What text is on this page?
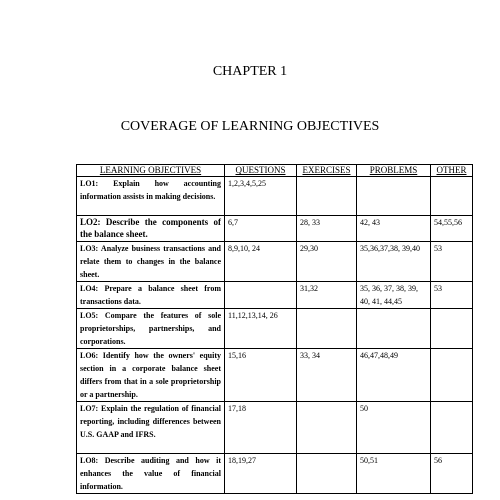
CHAPTER 1
COVERAGE OF LEARNING OBJECTIVES
LEARNING OBJECTIVES	QUESTIONS	EXERCISES	PROBLEMS	OTHER
LO1: Explain how accounting information assists in making decisions.	1,2,3,4,5,25			
LO2: Describe the components of the balance sheet.	6,7	28, 33	42, 43	54,55,56
LO3: Analyze business transactions and relate them to changes in the balance sheet.	8,9,10, 24	29,30	35,36,37,38, 39,40	53
LO4: Prepare a balance sheet from transactions data.		31,32	35, 36, 37, 38, 39, 40, 41, 44,45	53
LO5: Compare the features of sole proprietorships, partnerships, and corporations.	11,12,13,14, 26			
LO6: Identify how the owners' equity section in a corporate balance sheet differs from that in a sole proprietorship or a partnership.	15,16	33, 34	46,47,48,49	
LO7: Explain the regulation of financial reporting, including differences between U.S. GAAP and IFRS.	17,18		50	
LO8: Describe auditing and how it enhances the value of financial information.	18,19,27		50,51	56
